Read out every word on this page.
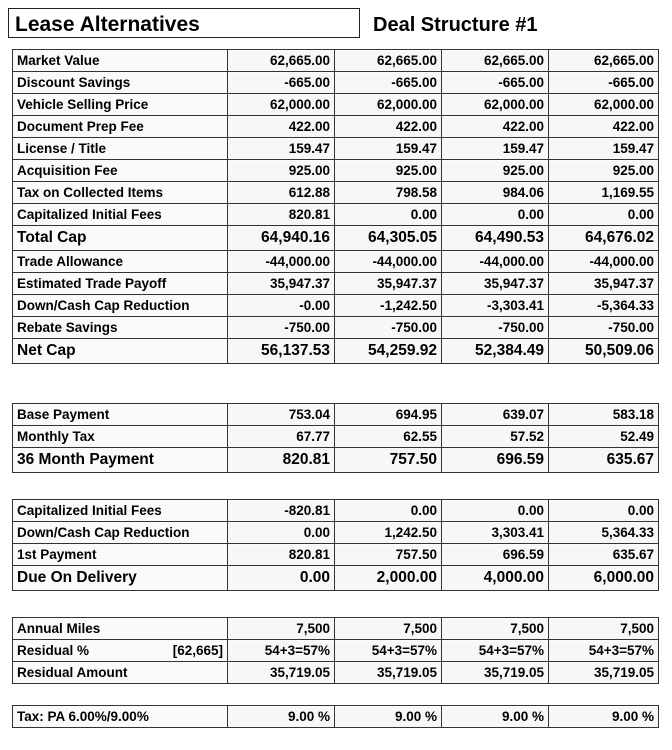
Lease Alternatives	Deal Structure #1
Market Value	62,665.00	62,665.00	62,665.00	62,665.00
Discount Savings	-665.00	-665.00	-665.00	-665.00
Vehicle Selling Price	62,000.00	62,000.00	62,000.00	62,000.00
Document Prep Fee	422.00	422.00	422.00	422.00
License / Title	159.47	159.47	159.47	159.47
Acquisition Fee	925.00	925.00	925.00	925.00
Tax on Collected Items	612.88	798.58	984.06	1,169.55
Capitalized Initial Fees	820.81	0.00	0.00	0.00
Total Cap	64,940.16	64,305.05	64,490.53	64,676.02
Trade Allowance	-44,000.00	-44,000.00	-44,000.00	-44,000.00
Estimated Trade Payoff	35,947.37	35,947.37	35,947.37	35,947.37
Down/Cash Cap Reduction	-0.00	-1,242.50	-3,303.41	-5,364.33
Rebate Savings	-750.00	-750.00	-750.00	-750.00
Net Cap	56,137.53	54,259.92	52,384.49	50,509.06
Base Payment	753.04	694.95	639.07	583.18
Monthly Tax	67.77	62.55	57.52	52.49
36 Month Payment	820.81	757.50	696.59	635.67
Capitalized Initial Fees	-820.81	0.00	0.00	0.00
Down/Cash Cap Reduction	0.00	1,242.50	3,303.41	5,364.33
1st Payment	820.81	757.50	696.59	635.67
Due On Delivery	0.00	2,000.00	4,000.00	6,000.00
Annual Miles	7,500	7,500	7,500	7,500

Residual % [62,665]	54+3=57%	54+3=57%	54+3=57%	54+3=57%
Residual Amount	35,719.05	35,719.05	35,719.05	35,719.05
Tax: PA 6.00%/9.00%	9.00 %	9.00 %	9.00 %	9.00 %
